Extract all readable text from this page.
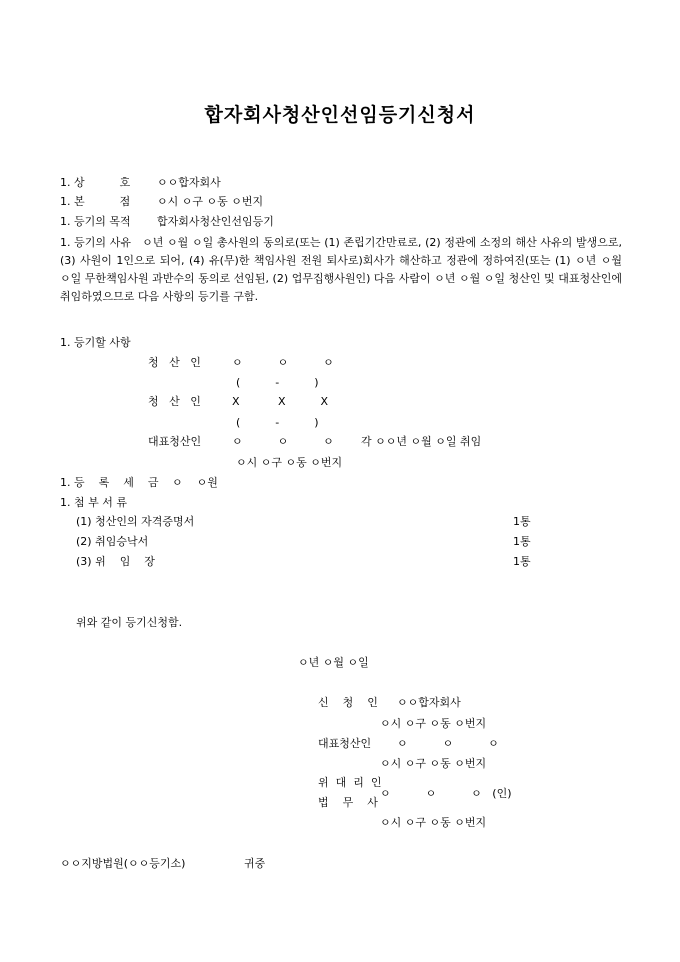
합자회사청산인선임등기신청서
1. 상          호 ㅇㅇ합자회사
1. 본          점 ㅇ시 ㅇ구 ㅇ동 ㅇ번지
1. 등기의 목적 합자회사청산인선임등기
1. 등기의 사유 ㅇ년 ㅇ월 ㅇ일 총사원의 동의로(또는 (1) 존립기간만료로, (2) 정관에 소정의 해산 사유의 발생으로, (3) 사원이 1인으로 되어, (4) 유(무)한 책임사원 전원 퇴사로)회사가 해산하고 정관에 정하여진(또는 (1) ㅇ년 ㅇ월 ㅇ일 무한책임사원 과반수의 동의로 선임된, (2) 업무집행사원인) 다음 사람이 ㅇ년 ㅇ월 ㅇ일 청산인 및 대표청산인에 취임하였으므로 다음 사항의 등기를 구함.
1. 등기할 사항
청   산   인	ㅇ          ㅇ          ㅇ
(          -          )
청   산   인	X           X          X
(          -          )
대표청산인	ㅇ          ㅇ          ㅇ 각 ㅇㅇ년 ㅇ월 ㅇ일 취임
ㅇ시 ㅇ구 ㅇ동 ㅇ번지
1. 등    록    세    금 ㅇ    ㅇ원
1. 첨 부 서 류
(1) 청산인의 자격증명서	1통
(2) 취임승낙서	1통
(3) 위    임    장	1통
위와 같이 등기신청함.
ㅇ년 ㅇ월 ㅇ일
신    청    인 ㅇㅇ합자회사
ㅇ시 ㅇ구 ㅇ동 ㅇ번지
대표청산인 ㅇ          ㅇ          ㅇ
ㅇ시 ㅇ구 ㅇ동 ㅇ번지
위  대  리  인
법    무    사
ㅇ          ㅇ          ㅇ   (인)
ㅇ시 ㅇ구 ㅇ동 ㅇ번지
ㅇㅇ지방법원(ㅇㅇ등기소)	귀중
